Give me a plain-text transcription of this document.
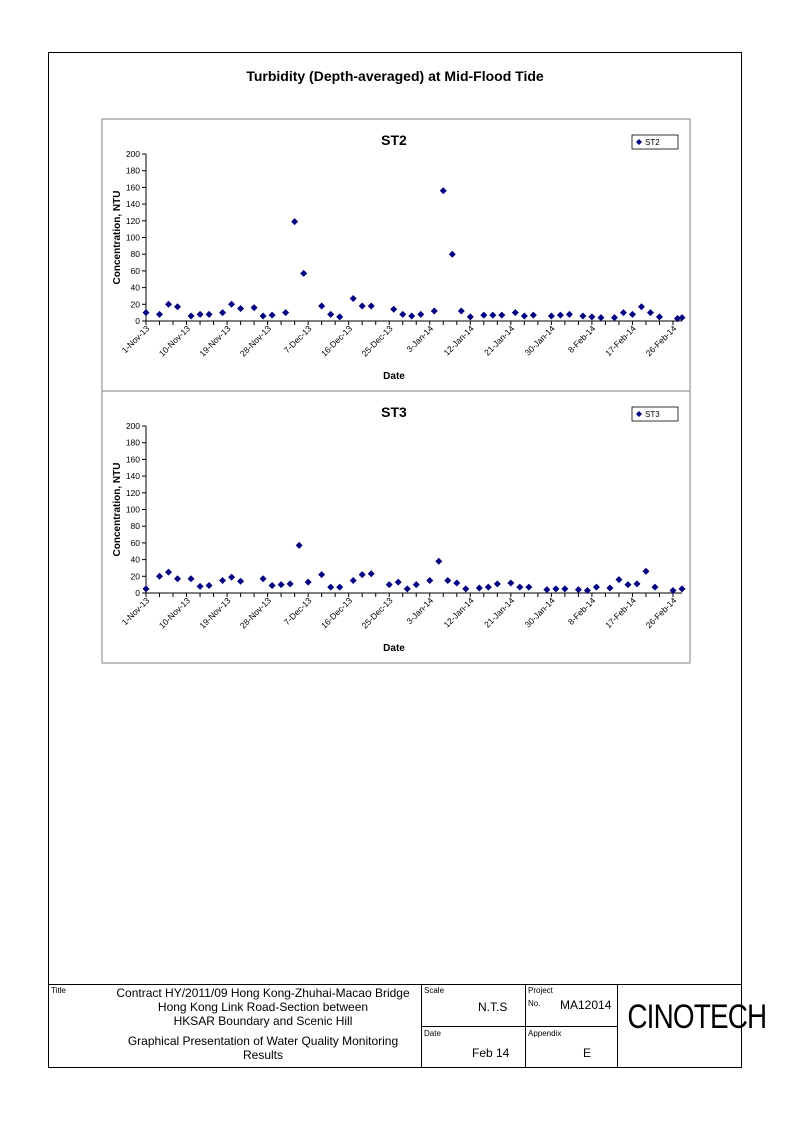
Turbidity (Depth-averaged) at Mid-Flood Tide
ST2
0
20
40
60
80
100
120
140
160
180
200
1-Nov-13 10-Nov-13 19-Nov-13 28-Nov-13 7-Dec-13 16-Dec-13 25-Dec-13 3-Jan-14 12-Jan-14 21-Jan-14 30-Jan-14 8-Feb-14 17-Feb-14 26-Feb-14
Concentration, NTU
Date
ST2
ST3
0
20
40
60
80
100
120
140
160
180
200
1-Nov-13 10-Nov-13 19-Nov-13 28-Nov-13 7-Dec-13 16-Dec-13 25-Dec-13 3-Jan-14 12-Jan-14 21-Jan-14 30-Jan-14 8-Feb-14 17-Feb-14 26-Feb-14
Concentration, NTU
Date
ST3
Title	Contract HY/2011/09 Hong Kong-Zhuhai-Macao Bridge
Hong Kong Link Road-Section between
HKSAR Boundary and Scenic Hill
Graphical Presentation of Water Quality Monitoring
Results
Scale
N.T.S
Date
Feb 14
Project
No. MA12014
Appendix
E
CINOTECH
